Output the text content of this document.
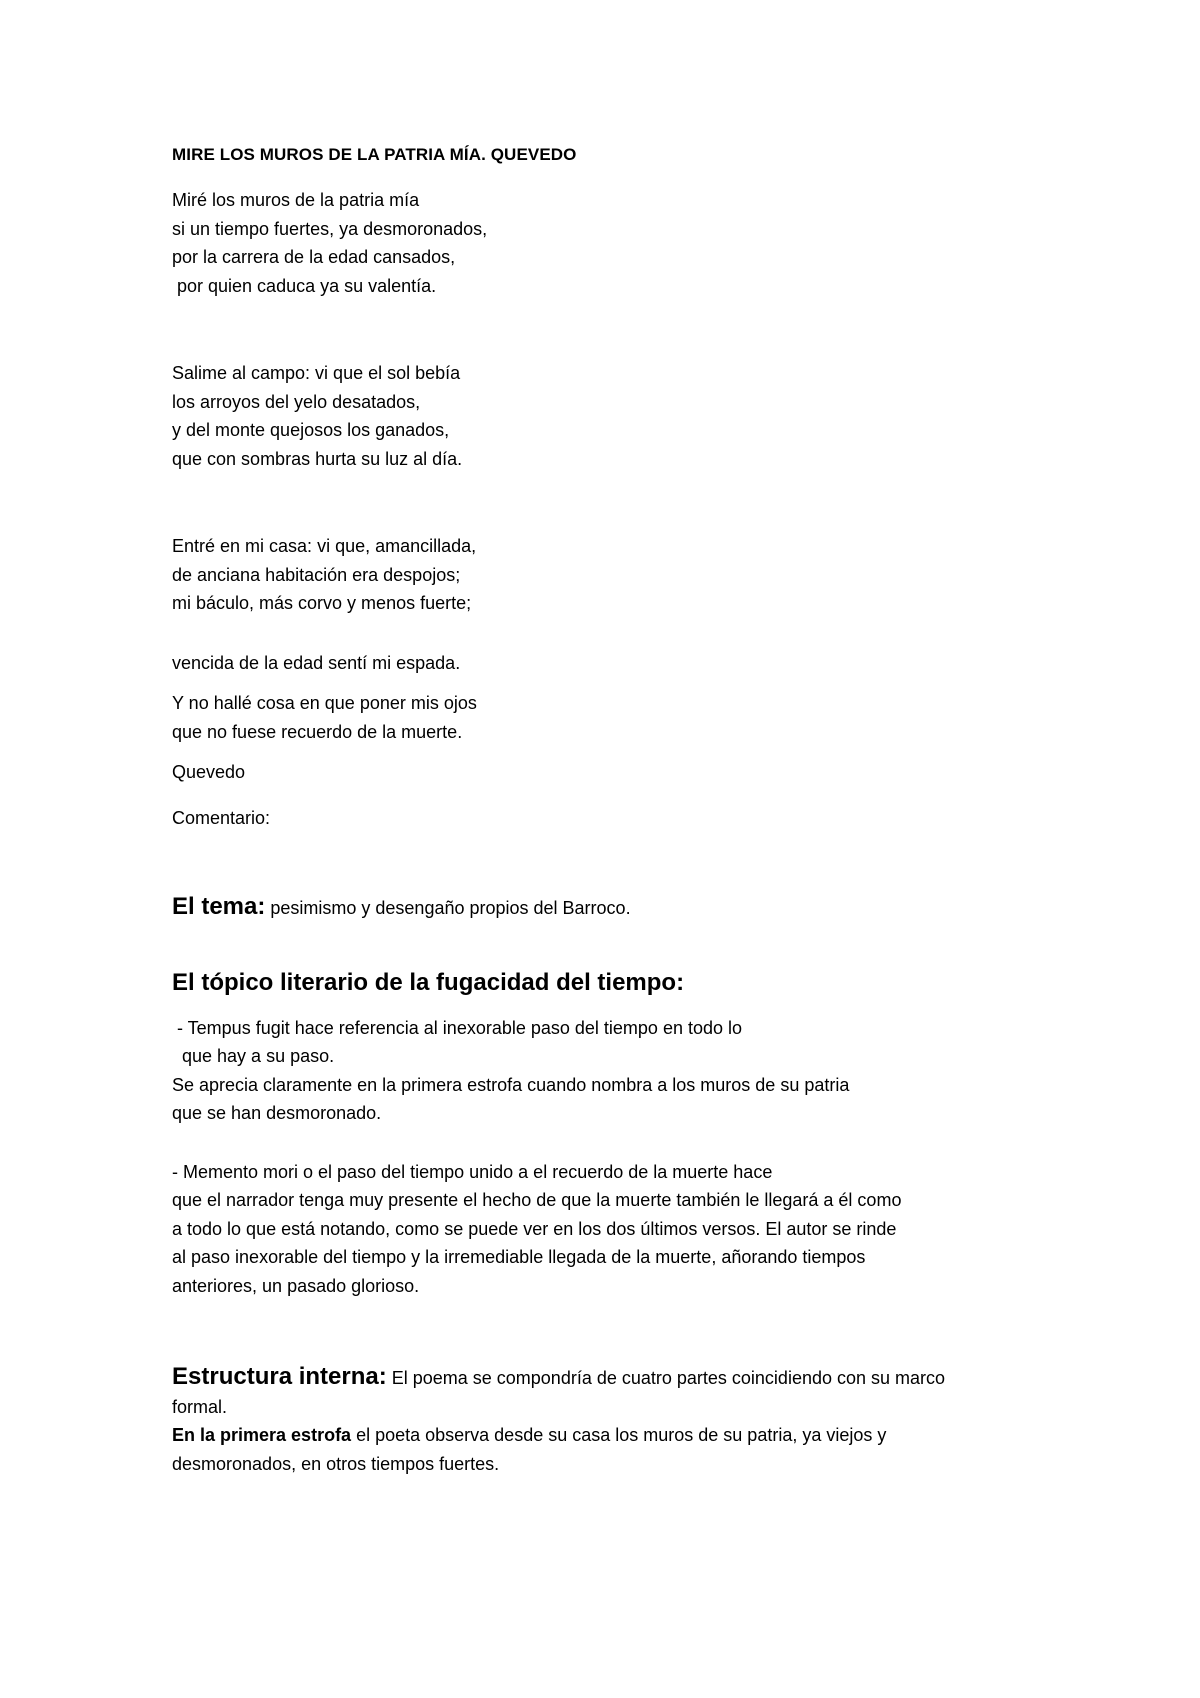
MIRE LOS MUROS DE LA PATRIA MÍA. QUEVEDO
Miré los muros de la patria mía
si un tiempo fuertes, ya desmoronados,
por la carrera de la edad cansados,
por quien caduca ya su valentía.
Salime al campo: vi que el sol bebía
los arroyos del yelo desatados,
y del monte quejosos los ganados,
que con sombras hurta su luz al día.
Entré en mi casa: vi que, amancillada,
de anciana habitación era despojos;
mi báculo, más corvo y menos fuerte;
vencida de la edad sentí mi espada.
Y no hallé cosa en que poner mis ojos
que no fuese recuerdo de la muerte.
Quevedo
Comentario:
El tema: pesimismo y desengaño propios del Barroco.
El tópico literario de la fugacidad del tiempo:
- Tempus fugit hace referencia al inexorable paso del tiempo en todo lo
que hay a su paso.
Se aprecia claramente en la primera estrofa cuando nombra a los muros de su patria
que se han desmoronado.
- Memento mori o el paso del tiempo unido a el recuerdo de la muerte hace
que el narrador tenga muy presente el hecho de que la muerte también le llegará a él como
a todo lo que está notando, como se puede ver en los dos últimos versos. El autor se rinde
al paso inexorable del tiempo y la irremediable llegada de la muerte, añorando tiempos
anteriores, un pasado glorioso.
Estructura interna: El poema se compondría de cuatro partes coincidiendo con su marco
formal.
En la primera estrofa el poeta observa desde su casa los muros de su patria, ya viejos y
desmoronados, en otros tiempos fuertes.
